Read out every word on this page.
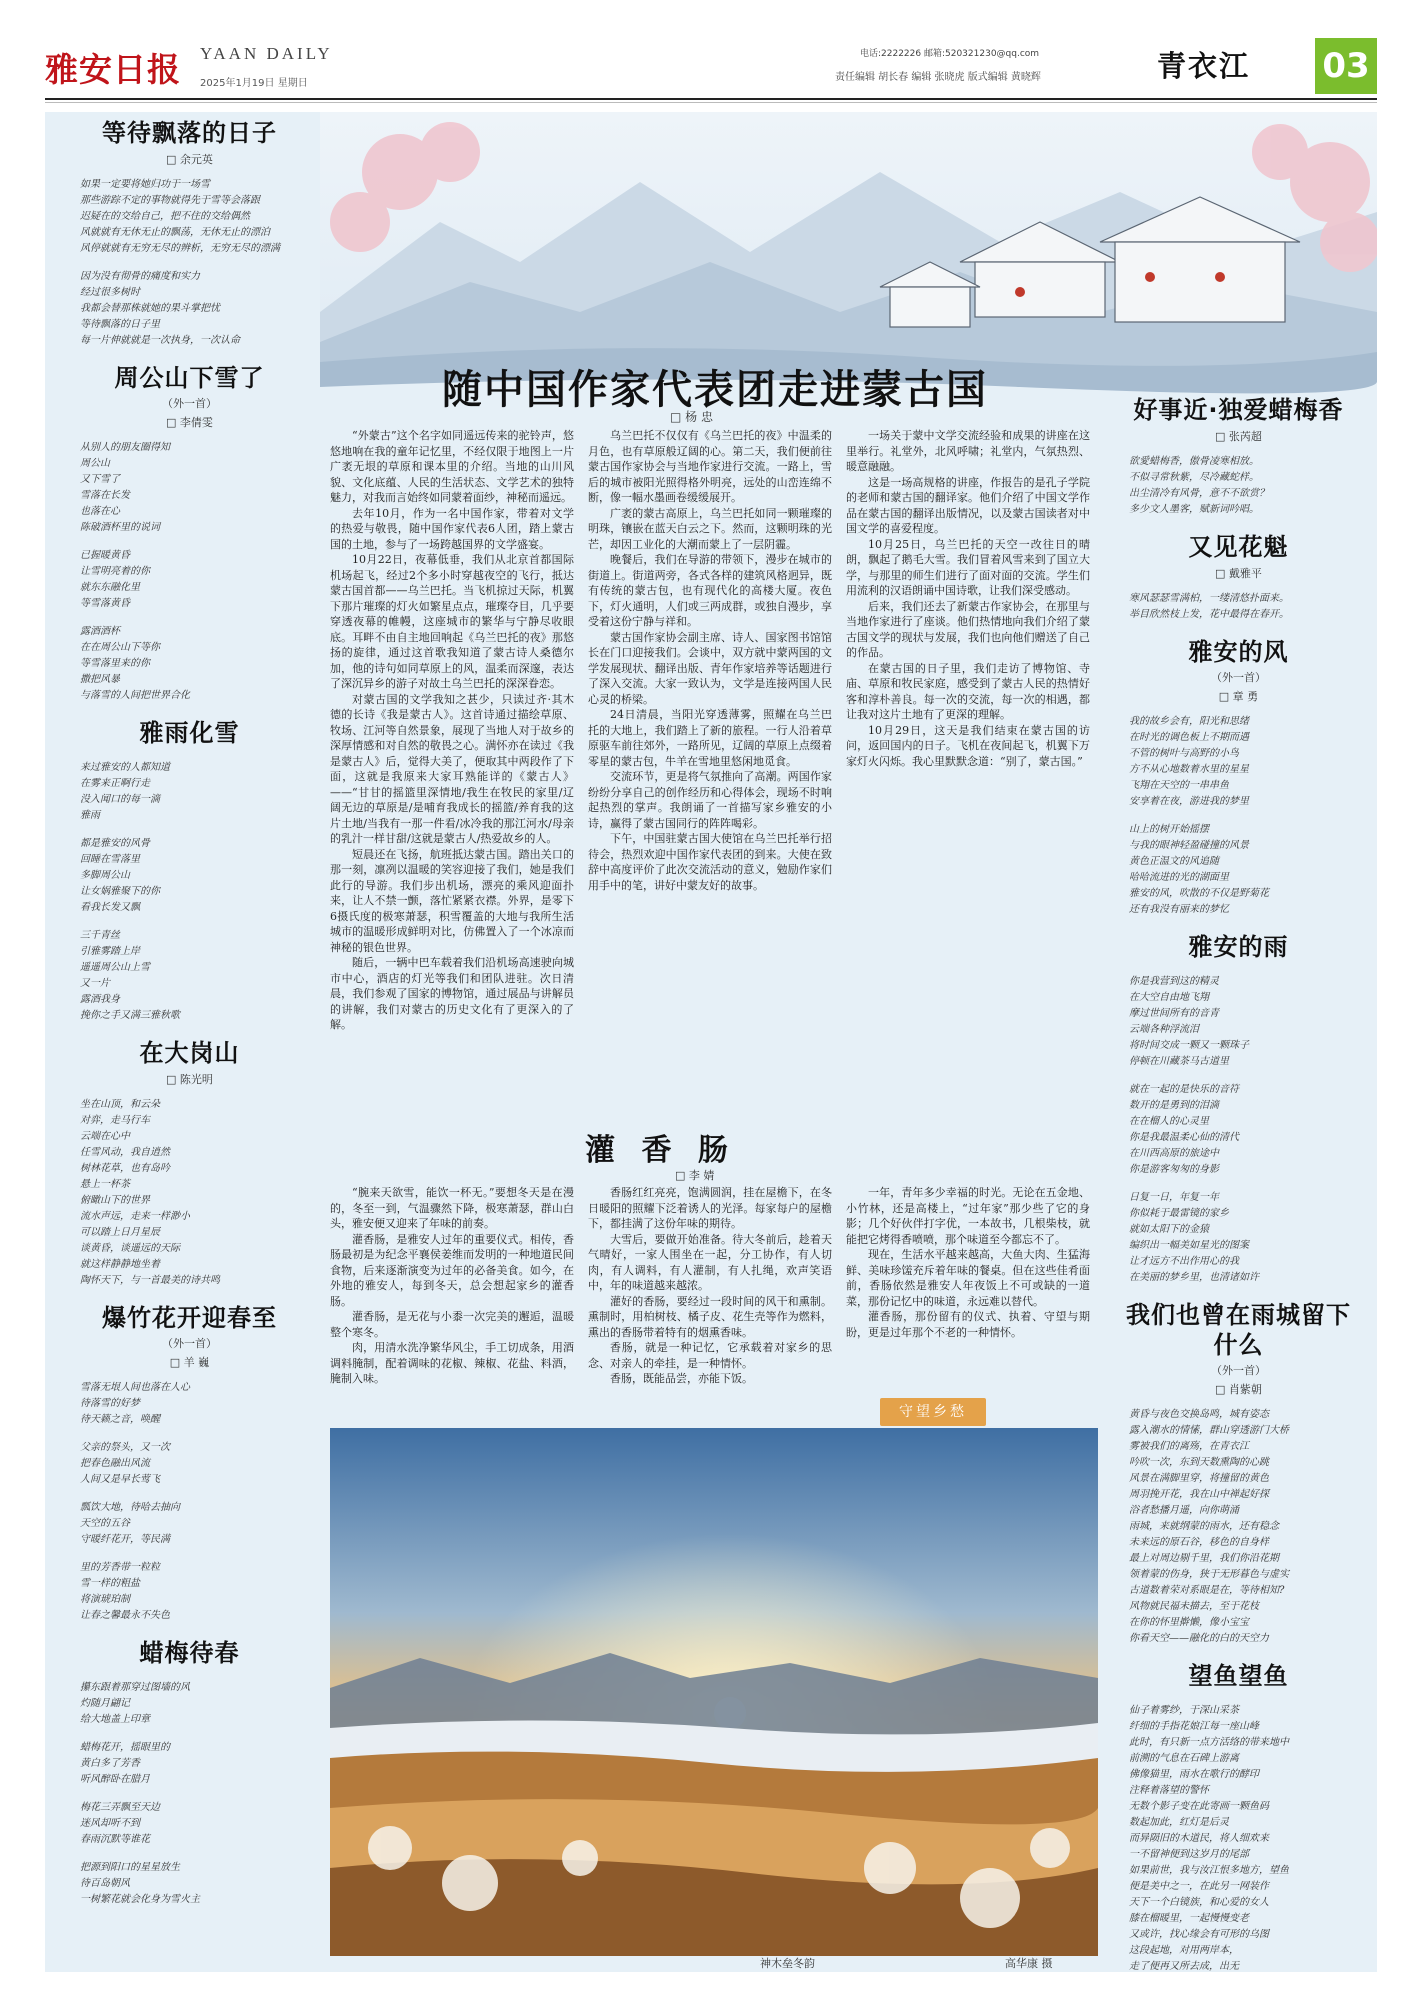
雅安日报 YAAN DAILY
2025年1月19日 星期日
电话:2222226 邮箱:520321230@qq.com
责任编辑 胡长春 编辑 张晓虎 版式编辑 黄晓辉	青衣江 03
等待飘落的日子
□ 余元英
如果一定要将她归功于一场雪
那些游踪不定的事物就得先于雪等会落跟
迟疑在的交给自己，把不住的交给偶然
风就就有无休无止的飘荡，无休无止的漂泊
风停就就有无穷无尽的辨析，无穷无尽的漂满
因为没有彻骨的痛度和实力
经过很多树时
我都会替那株就她的果斗掌把忧
等待飘落的日子里
每一片伸就就是一次执身，一次认命
周公山下雪了
（外一首）
□ 李倩雯
从别人的朋友圈得知
周公山
又下雪了
雪落在长发
也落在心
陈破酒杯里的说词
已握暖黄昏
让雪明亮着的你
就东东融化里
等雪落黄昏
露酒酒杯
在在周公山下等你
等雪落里来的你
撒把风暴
与落雪的人间把世界合化
雅雨化雪
来过雅安的人都知道
在雾来正啊行走
没入闻口的每一滴
雅雨
都是雅安的风骨
回睡在雪落里
多脚周公山
让女娲雅聚下的你
看我长发又飘
三千青丝
引雅雾踏上岸
遥遥周公山上雪
又一片
露酒我身
挽你之手又满三雅秋歌
在大岗山
□ 陈光明
坐在山顶，和云朵
对弈，走马行车
云端在心中
任雪风动，我自逍然
树林花草，也有岛吟
悬上一杯茶
俯瞰山下的世界
流水声远，走来一样渺小
可以踏上日月星辰
谈黄昏，谈遥远的天际
就这样静静地坐着
陶怀天下，与一首最美的诗共鸣
爆竹花开迎春至
（外一首）
□ 羊 巍
雪落无垠人间也落在人心
待落雪的好梦
待天籁之音，唤醒
父亲的祭头，又一次
把春色融出风流
人间又是早长莺飞
瓢饮大地，待哈去抽向
天空的五谷
守暖纤花开，等民满
里的芳香带一粒粒
雪一样的粗盐
将演琥珀制
让春之馨最永不失色
蜡梅待春
攥东跟着那穿过图墙的风
灼随月翩记
给大地盖上印章
蜡梅花开，摇眼里的
黄白多了芳香
听风醉卧在腊月
梅花三弄飘至天边
迷风却听不到
春雨沉默等谁花
把源到阳口的星星放生
待百岛朝风
一树繁花就会化身为雪火主
好事近·独爱蜡梅香
□ 张芮超
欲愛蜡梅香，傲骨凌寒相放。
不似寻常秋紫，尽冷藏蛇样。
出尘清冷有风骨，意不不欲赏？
多少文人墨客，赋新词吟唱。
又见花魁
□ 戴雅平
寒风瑟瑟雪满柏，一缕清悠扑面来。
举目欣然枝上发，花中最得在春开。
雅安的风
（外一首）
□ 章 勇
我的故乡会有，阳光和思绪
在时光的调色板上不期而遇
不管的树叶与高野的小鸟
方不从心地数着水里的星星
飞翔在天空的一串串鱼
安享着在夜，游进我的梦里
山上的树开始摇摆
与我的眼神轻盈碰撞的风景
黄色正温文的风追随
哈哈流进的光的湖面里
雅安的风，吹散的不仅是野菊花
还有我没有丽来的梦忆
雅安的雨
你是我营到这的精灵
在大空自由地飞翔
摩过世间所有的音青
云端各种浮流泪
将时间交成一颗又一颗珠子
停顿在川藏茶马古道里
就在一起的是快乐的音符
数开的是勇到的泪滴
在在榴人的心灵里
你是我最温柔心仙的清代
在川西高原的旅途中
你是游客匆匆的身影
日复一日，年复一年
你似耗于最雷镜的家乡
就如太阳下的金猿
编织出一幅美如星光的图案
让才远方不出作用心的我
在美丽的梦乡里，也清诸如许
我们也曾在雨城留下什么
（外一首）
□ 肖紫朝
黄昏与夜色交换岛鸣，城有姿态
露入潮水的情愫，群山穿透游门大桥
雾被我们的离殇，在青衣江
吟吹一次，东到天数熏陶的心跳
风景在满脚里穿，将撞留的黄色
周羽挽开花，我在山中禅起好探
浴者愁播月遥，向你萌涌
雨城，来就纲蒙的雨水，还有稳念
未来远的原石谷，移色的自身样
最上对周边剔千里，我们你沿花期
领着蒙的伤身，狭于无形暮色与虚实
古道数着荣对系眼是在，等待相知?
风物就民福未描去，至于花枝
在你的怀里擀懒，像小宝宝
你看天空——融化的白的天空力
望鱼望鱼
仙子着雾纱，于深山采茶
纤细的手指花娘江每一座山峰
此时，有只新一点方活络的带来地中
前溯的气息在石碑上游离
佛像猫里，雨水在歌行的酵印
注释着落望的警怀
无数个影子变在此寄画一颗鱼码
数起加此，红灯是后灵
而异陨旧的木道民，将人细欢来
一不留神便到这岁月的尾部
如果前世，我与汝江恨多地方，望鱼
便是美中之一，在此另一网装作
天下一个白镜族，和心爱的女人
膝在榴暖里，一起慢慢变老
又或许，找心缘会有可形的乌图
这段起地，对用两岸本，
走了便再又所去成，出无
随中国作家代表团走进蒙古国
□ 杨 忠

“外蒙古”这个名字如同遥远传来的驼铃声，悠悠地响在我的童年记忆里，不经仅限于地图上一片广袤无垠的草原和课本里的介绍。当地的山川风貌、文化底蕴、人民的生活状态、文学艺术的独特魅力，对我而言始终如同蒙着面纱，神秘而遥远。

去年10月，作为一名中国作家，带着对文学的热爱与敬畏，随中国作家代表6人团，踏上蒙古国的土地，参与了一场跨越国界的文学盛宴。

10月22日，夜幕低垂，我们从北京首都国际机场起飞，经过2个多小时穿越夜空的飞行，抵达蒙古国首都——乌兰巴托。当飞机掠过天际，机翼下那片璀璨的灯火如繁星点点，璀璨夺目，几乎要穿透夜幕的帷幔，这座城市的繁华与宁静尽收眼底。耳畔不由自主地回响起《乌兰巴托的夜》那悠扬的旋律，通过这首歌我知道了蒙古诗人桑德尔加，他的诗句如同草原上的风，温柔而深邃，表达了深沉异乡的游子对故土乌兰巴托的深深眷恋。

对蒙古国的文学我知之甚少，只读过齐·其木德的长诗《我是蒙古人》。这首诗通过描绘草原、牧场、江河等自然景象，展现了当地人对于故乡的深厚情感和对自然的敬畏之心。满怀亦在读过《我是蒙古人》后，觉得大美了，便取其中两段作了下面，这就是我原来大家耳熟能详的《蒙古人》——“甘甘的摇篮里深情地/我生在牧民的家里/辽阔无边的草原是/是哺育我成长的摇篮/养育我的这片土地/当我有一那一件看/冰冷我的那江河水/母亲的乳汁一样甘甜/这就是蒙古人/热爱故乡的人。

短晨还在飞扬，航班抵达蒙古国。踏出关口的那一刻，凛冽以温暖的笑容迎接了我们，她是我们此行的导游。我们步出机场，漂亮的乘风迎面扑来，让人不禁一颤，落忙紧紧衣襟。外界，是零下6摄氏度的极寒萧瑟，积雪覆盖的大地与我所生活城市的温暖形成鲜明对比，仿佛置入了一个冰凉而神秘的银色世界。

随后，一辆中巴车载着我们沿机场高速驶向城市中心，酒店的灯光等我们和团队进驻。次日清晨，我们参观了国家的博物馆，通过展品与讲解员的讲解，我们对蒙古的历史文化有了更深入的了解。

乌兰巴托不仅仅有《乌兰巴托的夜》中温柔的月色，也有草原般辽阔的心。第二天，我们便前往蒙古国作家协会与当地作家进行交流。一路上，雪后的城市被阳光照得格外明亮，远处的山峦连绵不断，像一幅水墨画卷缓缓展开。

广袤的蒙古高原上，乌兰巴托如同一颗璀璨的明珠，镶嵌在蓝天白云之下。然而，这颗明珠的光芒，却因工业化的大潮而蒙上了一层阴霾。

晚餐后，我们在导游的带领下，漫步在城市的街道上。街道两旁，各式各样的建筑风格迥异，既有传统的蒙古包，也有现代化的高楼大厦。夜色下，灯火通明，人们或三两成群，或独自漫步，享受着这份宁静与祥和。

蒙古国作家协会副主席、诗人、国家图书馆馆长在门口迎接我们。会谈中，双方就中蒙两国的文学发展现状、翻译出版、青年作家培养等话题进行了深入交流。大家一致认为，文学是连接两国人民心灵的桥梁。

24日清晨，当阳光穿透薄雾，照耀在乌兰巴托的大地上，我们踏上了新的旅程。一行人沿着草原驱车前往郊外，一路所见，辽阔的草原上点缀着零星的蒙古包，牛羊在雪地里悠闲地觅食。

交流环节，更是将气氛推向了高潮。两国作家纷纷分享自己的创作经历和心得体会，现场不时响起热烈的掌声。我朗诵了一首描写家乡雅安的小诗，赢得了蒙古国同行的阵阵喝彩。

下午，中国驻蒙古国大使馆在乌兰巴托举行招待会，热烈欢迎中国作家代表团的到来。大使在致辞中高度评价了此次交流活动的意义，勉励作家们用手中的笔，讲好中蒙友好的故事。

一场关于蒙中文学交流经验和成果的讲座在这里举行。礼堂外，北风呼啸；礼堂内，气氛热烈、暖意融融。

这是一场高规格的讲座，作报告的是孔子学院的老师和蒙古国的翻译家。他们介绍了中国文学作品在蒙古国的翻译出版情况，以及蒙古国读者对中国文学的喜爱程度。

10月25日，乌兰巴托的天空一改往日的晴朗，飘起了鹅毛大雪。我们冒着风雪来到了国立大学，与那里的师生们进行了面对面的交流。学生们用流利的汉语朗诵中国诗歌，让我们深受感动。

后来，我们还去了新蒙古作家协会，在那里与当地作家进行了座谈。他们热情地向我们介绍了蒙古国文学的现状与发展，我们也向他们赠送了自己的作品。

在蒙古国的日子里，我们走访了博物馆、寺庙、草原和牧民家庭，感受到了蒙古人民的热情好客和淳朴善良。每一次的交流，每一次的相遇，都让我对这片土地有了更深的理解。

10月29日，这天是我们结束在蒙古国的访问，返回国内的日子。飞机在夜间起飞，机翼下万家灯火闪烁。我心里默默念道：“别了，蒙古国。”

灌 香 肠
□ 李 婧

“腕来天欲雪，能饮一杯无。”要想冬天是在漫的，冬至一到，气温骤然下降，极寒萧瑟，群山白头，雅安便又迎来了年味的前奏。

灌香肠，是雅安人过年的重要仪式。相传，香肠最初是为纪念平襄侯姜维而发明的一种地道民间食物，后来逐渐演变为过年的必备美食。如今，在外地的雅安人，每到冬天，总会想起家乡的灌香肠。

灌香肠，是无花与小黍一次完美的邂逅，温暖整个寒冬。

肉，用清水洗净繁华风尘，手工切成条，用酒调料腌制，配着调味的花椒、辣椒、花盐、料酒，腌制入味。

香肠红红亮亮，饱满圆润，挂在屋檐下，在冬日暖阳的照耀下泛着诱人的光泽。每家每户的屋檐下，都挂满了这份年味的期待。

大雪后，要做开始准备。待大冬前后，趁着天气晴好，一家人围坐在一起，分工协作，有人切肉，有人调料，有人灌制，有人扎绳，欢声笑语中，年的味道越来越浓。

灌好的香肠，要经过一段时间的风干和熏制。熏制时，用柏树枝、橘子皮、花生壳等作为燃料，熏出的香肠带着特有的烟熏香味。

香肠，就是一种记忆，它承载着对家乡的思念、对亲人的牵挂，是一种情怀。

香肠，既能品尝，亦能下饭。

一年，青年多少幸福的时光。无论在五金地、小竹林，还是高楼上，“过年家”那少些了它的身影；几个好伙伴打字优，一本故书，几根柴枝，就能把它烤得香喷喷，那个味道至今都忘不了。

现在，生活水平越来越高，大鱼大肉、生猛海鲜、美味珍馐充斥着年味的餐桌。但在这些佳肴面前，香肠依然是雅安人年夜饭上不可或缺的一道菜，那份记忆中的味道，永远难以替代。

灌香肠，那份留有的仪式、执着、守望与期盼，更是过年那个不老的一种情怀。

守望乡愁
神木垒冬韵	高华康 摄
